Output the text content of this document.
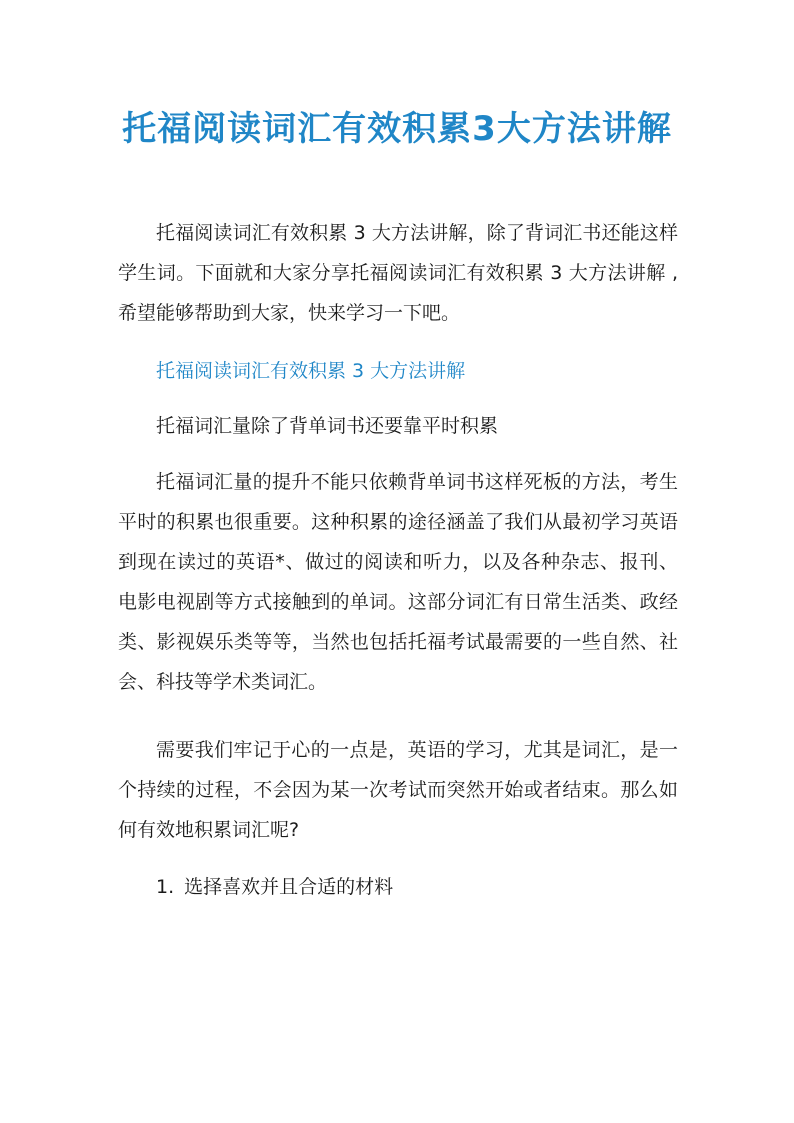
托福阅读词汇有效积累3大方法讲解

托福阅读词汇有效积累 3 大方法讲解，除了背词汇书还能这样学生词。下面就和大家分享托福阅读词汇有效积累 3 大方法讲解 ,希望能够帮助到大家，快来学习一下吧。

托福阅读词汇有效积累 3 大方法讲解

托福词汇量除了背单词书还要靠平时积累

托福词汇量的提升不能只依赖背单词书这样死板的方法，考生平时的积累也很重要。这种积累的途径涵盖了我们从最初学习英语到现在读过的英语*、做过的阅读和听力，以及各种杂志、报刊、电影电视剧等方式接触到的单词。这部分词汇有日常生活类、政经类、影视娱乐类等等，当然也包括托福考试最需要的一些自然、社会、科技等学术类词汇。

需要我们牢记于心的一点是，英语的学习，尤其是词汇，是一个持续的过程，不会因为某一次考试而突然开始或者结束。那么如何有效地积累词汇呢?

1. 选择喜欢并且合适的材料
